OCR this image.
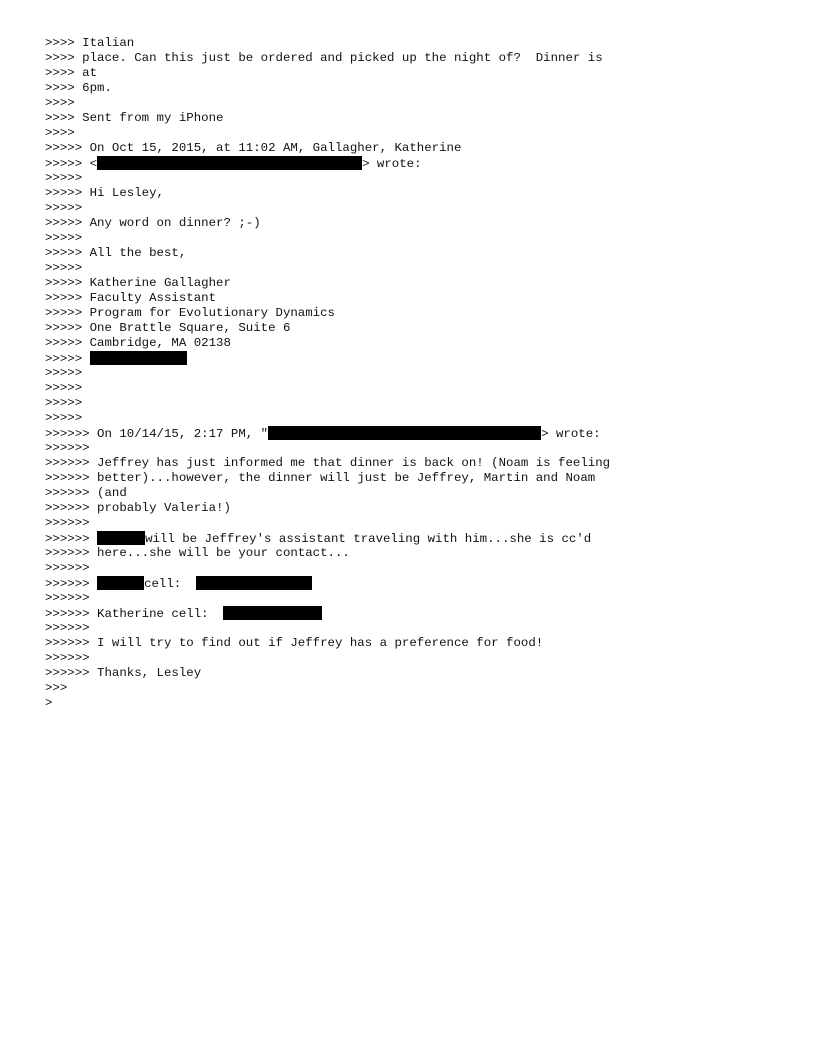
>>>> Italian
>>>> place. Can this just be ordered and picked up the night of?  Dinner is
>>>> at
>>>> 6pm.
>>>>
>>>> Sent from my iPhone
>>>>
>>>>> On Oct 15, 2015, at 11:02 AM, Gallagher, Katherine
>>>>> <	> wrote:
>>>>>
>>>>> Hi Lesley,
>>>>>
>>>>> Any word on dinner? ;-)
>>>>>
>>>>> All the best,
>>>>>
>>>>> Katherine Gallagher
>>>>> Faculty Assistant
>>>>> Program for Evolutionary Dynamics
>>>>> One Brattle Square, Suite 6
>>>>> Cambridge, MA 02138
>>>>>
>>>>>
>>>>>
>>>>>
>>>>>
>>>>>> On 10/14/15, 2:17 PM, "	> wrote:
>>>>>>
>>>>>> Jeffrey has just informed me that dinner is back on! (Noam is feeling
>>>>>> better)...however, the dinner will just be Jeffrey, Martin and Noam
>>>>>> (and
>>>>>> probably Valeria!)
>>>>>>
>>>>>>	will be Jeffrey's assistant traveling with him...she is cc'd
>>>>>> here...she will be your contact...
>>>>>>
>>>>>>	cell:
>>>>>>
>>>>>> Katherine cell:
>>>>>>
>>>>>> I will try to find out if Jeffrey has a preference for food!
>>>>>>
>>>>>> Thanks, Lesley
>>>
>
